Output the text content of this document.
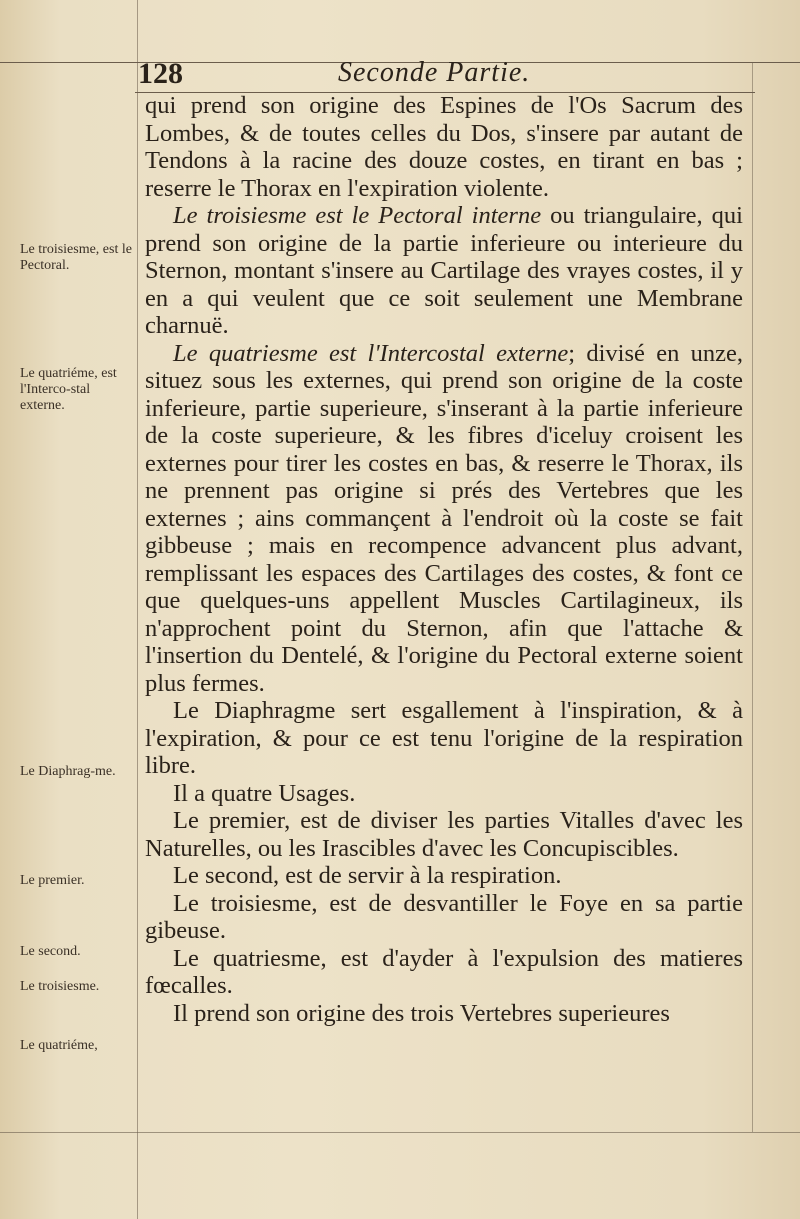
128	Seconde Partie.
Le troisiesme, est le Pectoral.
Le quatriéme, est l'Interco-stal externe.
Le Diaphrag-me.
Le premier.
Le second.
Le troisiesme.
Le quatriéme,

qui prend son origine des Espines de l'Os Sacrum des Lombes, & de toutes celles du Dos, s'insere par autant de Tendons à la racine des douze costes, en tirant en bas ; reserre le Thorax en l'expiration violente.

Le troisiesme est le Pectoral interne ou triangulaire, qui prend son origine de la partie inferieure ou interieure du Sternon, montant s'insere au Cartilage des vrayes costes, il y en a qui veulent que ce soit seulement une Membrane charnuë.

Le quatriesme est l'Intercostal externe; divisé en unze, situez sous les externes, qui prend son origine de la coste inferieure, partie superieure, s'inserant à la partie inferieure de la coste superieure, & les fibres d'iceluy croisent les externes pour tirer les costes en bas, & reserre le Thorax, ils ne prennent pas origine si prés des Vertebres que les externes ; ains commançent à l'endroit où la coste se fait gibbeuse ; mais en recompence advancent plus advant, remplissant les espaces des Cartilages des costes, & font ce que quelques-uns appellent Muscles Cartilagineux, ils n'approchent point du Sternon, afin que l'attache & l'insertion du Dentelé, & l'origine du Pectoral externe soient plus fermes.

Le Diaphragme sert esgallement à l'inspiration, & à l'expiration, & pour ce est tenu l'origine de la respiration libre.

Il a quatre Usages.

Le premier, est de diviser les parties Vitalles d'avec les Naturelles, ou les Irascibles d'avec les Concupiscibles.

Le second, est de servir à la respiration.

Le troisiesme, est de desvantiller le Foye en sa partie gibeuse.

Le quatriesme, est d'ayder à l'expulsion des matieres fœcalles.

Il prend son origine des trois Vertebres superieures
